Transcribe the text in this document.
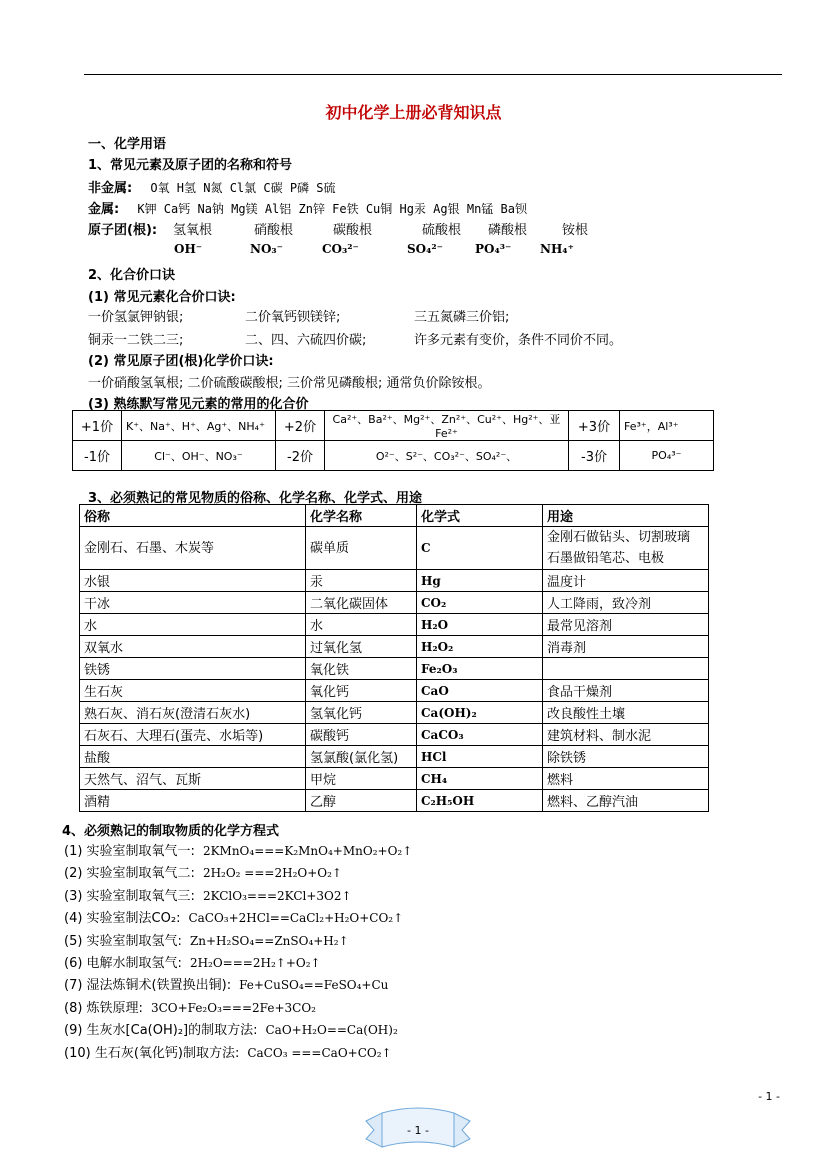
初中化学上册必背知识点
一、化学用语
1、常见元素及原子团的名称和符号
非金属: O氧 H氢 N氮 Cl氯 C碳 P磷 S硫
金属: K钾 Ca钙 Na钠 Mg镁 Al铝 Zn锌 Fe铁 Cu铜 Hg汞 Ag银 Mn锰 Ba钡
原子团(根): 氢氧根	硝酸根	碳酸根	硫酸根 磷酸根	铵根
OH⁻	NO₃⁻	CO₃²⁻	SO₄²⁻	PO₄³⁻ NH₄⁺
2、化合价口诀
(1) 常见元素化合价口诀:
一价氢氯钾钠银;	二价氧钙钡镁锌;	三五氮磷三价铝;
铜汞一二铁二三;	二、四、六硫四价碳;	许多元素有变价，条件不同价不同。
(2) 常见原子团(根)化学价口诀:
一价硝酸氢氧根; 二价硫酸碳酸根; 三价常见磷酸根; 通常负价除铵根。
(3) 熟练默写常见元素的常用的化合价
+1价	K⁺、Na⁺、H⁺、Ag⁺、NH₄⁺	+2价	Ca²⁺、Ba²⁺、Mg²⁺、Zn²⁺、Cu²⁺、Hg²⁺、亚Fe²⁺	+3价	Fe³⁺，Al³⁺
-1价	Cl⁻、OH⁻、NO₃⁻	-2价	O²⁻、S²⁻、CO₃²⁻、SO₄²⁻、	-3价	PO₄³⁻
3、必须熟记的常见物质的俗称、化学名称、化学式、用途
俗称	化学名称	化学式	用途
金刚石、石墨、木炭等	碳单质	C	金刚石做钻头、切割玻璃
石墨做铅笔芯、电极
水银	汞	Hg	温度计
干冰	二氧化碳固体	CO₂	人工降雨，致冷剂
水	水	H₂O	最常见溶剂
双氧水	过氧化氢	H₂O₂	消毒剂
铁锈	氧化铁	Fe₂O₃	
生石灰	氧化钙	CaO	食品干燥剂
熟石灰、消石灰(澄清石灰水)	氢氧化钙	Ca(OH)₂	改良酸性土壤
石灰石、大理石(蛋壳、水垢等)	碳酸钙	CaCO₃	建筑材料、制水泥
盐酸	氢氯酸(氯化氢)	HCl	除铁锈
天然气、沼气、瓦斯	甲烷	CH₄	燃料
酒精	乙醇	C₂H₅OH	燃料、乙醇汽油
4、必须熟记的制取物质的化学方程式
(1) 实验室制取氧气一: 2KMnO₄===K₂MnO₄+MnO₂+O₂↑
(2) 实验室制取氧气二: 2H₂O₂ ===2H₂O+O₂↑
(3) 实验室制取氧气三: 2KClO₃===2KCl+3O2↑
(4) 实验室制法CO₂: CaCO₃+2HCl==CaCl₂+H₂O+CO₂↑
(5) 实验室制取氢气: Zn+H₂SO₄==ZnSO₄+H₂↑
(6) 电解水制取氢气: 2H₂O===2H₂↑+O₂↑
(7) 湿法炼铜术(铁置换出铜): Fe+CuSO₄==FeSO₄+Cu
(8) 炼铁原理: 3CO+Fe₂O₃===2Fe+3CO₂
(9) 生灰水[Ca(OH)₂]的制取方法: CaO+H₂O==Ca(OH)₂
(10) 生石灰(氧化钙)制取方法: CaCO₃ ===CaO+CO₂↑
- 1 -
- 1 -
